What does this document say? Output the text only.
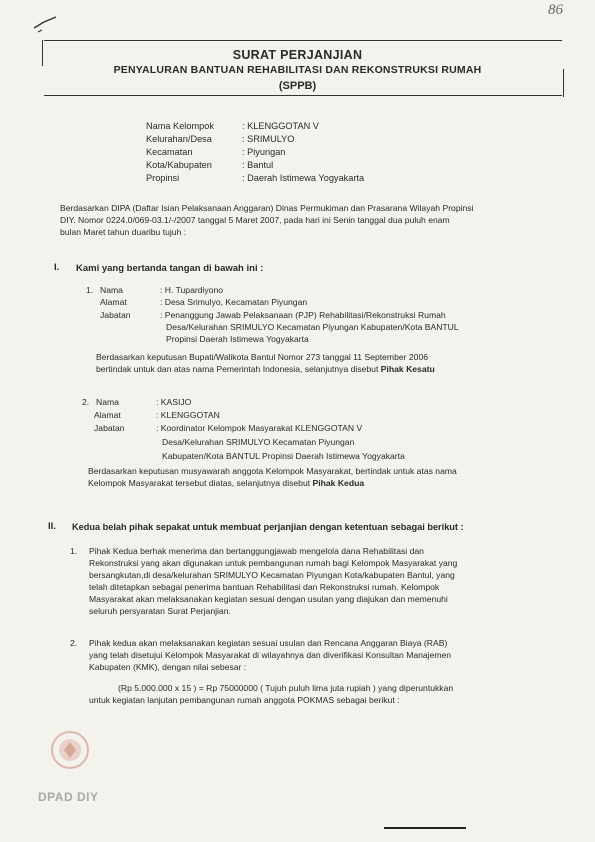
86
SURAT PERJANJIAN
PENYALURAN BANTUAN REHABILITASI DAN REKONSTRUKSI RUMAH
(SPPB)
Nama Kelompok	: KLENGGOTAN V
Kelurahan/Desa	: SRIMULYO
Kecamatan	: Piyungan
Kota/Kabupaten	: Bantul
Propinsi	: Daerah Istimewa Yogyakarta
Berdasarkan DIPA (Daftar Isian Pelaksanaan Anggaran) Dinas Permukiman dan Prasarana Wilayah Propinsi
DIY. Nomor 0224.0/069-03.1/-/2007 tanggal 5 Maret 2007, pada hari ini Senin tanggal dua puluh enam
bulan Maret tahun duaribu tujuh :
I. Kami yang bertanda tangan di bawah ini :
1. Nama	: H. Tupardiyono
Alamat	: Desa Srimulyo, Kecamatan Piyungan
Jabatan	: Penanggung Jawab Pelaksanaan (PJP) Rehabilitasi/Rekonstruksi Rumah
Desa/Kelurahan SRIMULYO Kecamatan Piyungan Kabupaten/Kota BANTUL
Propinsi Daerah Istimewa Yogyakarta
Berdasarkan keputusan Bupati/Walikota Bantul Nomor 273 tanggal 11 September 2006
bertindak untuk dan atas nama Pemerintah Indonesia, selanjutnya disebut Pihak Kesatu
2. Nama	: KASIJO
Alamat	: KLENGGOTAN
Jabatan	: Koordinator Kelompok Masyarakat KLENGGOTAN V
Desa/Kelurahan SRIMULYO Kecamatan Piyungan
Kabupaten/Kota BANTUL Propinsi Daerah Istimewa Yogyakarta
Berdasarkan keputusan musyawarah anggota Kelompok Masyarakat, bertindak untuk atas nama
Kelompok Masyarakat tersebut diatas, selanjutnya disebut Pihak Kedua
II. Kedua belah pihak sepakat untuk membuat perjanjian dengan ketentuan sebagai berikut :
1. Pihak Kedua berhak menerima dan bertanggungjawab mengelola dana Rehabilitasi dan
Rekonstruksi yang akan digunakan untuk pembangunan rumah bagi Kelompok Masyarakat yang
bersangkutan,di desa/kelurahan SRIMULYO Kecamatan Piyungan Kota/kabupaten Bantul, yang
telah ditetapkan sebagai penerima bantuan Rehabilitasi dan Rekonstruksi rumah. Kelompok
Masyarakat akan melaksanakan kegiatan sesuai dengan usulan yang diajukan dan memenuhi
seluruh persyaratan Surat Perjanjian.
2. Pihak kedua akan melaksanakan kegiatan sesuai usulan dan Rencana Anggaran Biaya (RAB)
yang telah disetujui Kelompok Masyarakat di wilayahnya dan diverifikasi Konsultan Manajemen
Kabupaten (KMK), dengan nilai sebesar :
(Rp 5.000.000 x 15 ) = Rp 75000000 ( Tujuh puluh lima juta rupiah ) yang diperuntukkan
untuk kegiatan lanjutan pembangunan rumah anggota POKMAS sebagai berikut :
DPAD DIY
